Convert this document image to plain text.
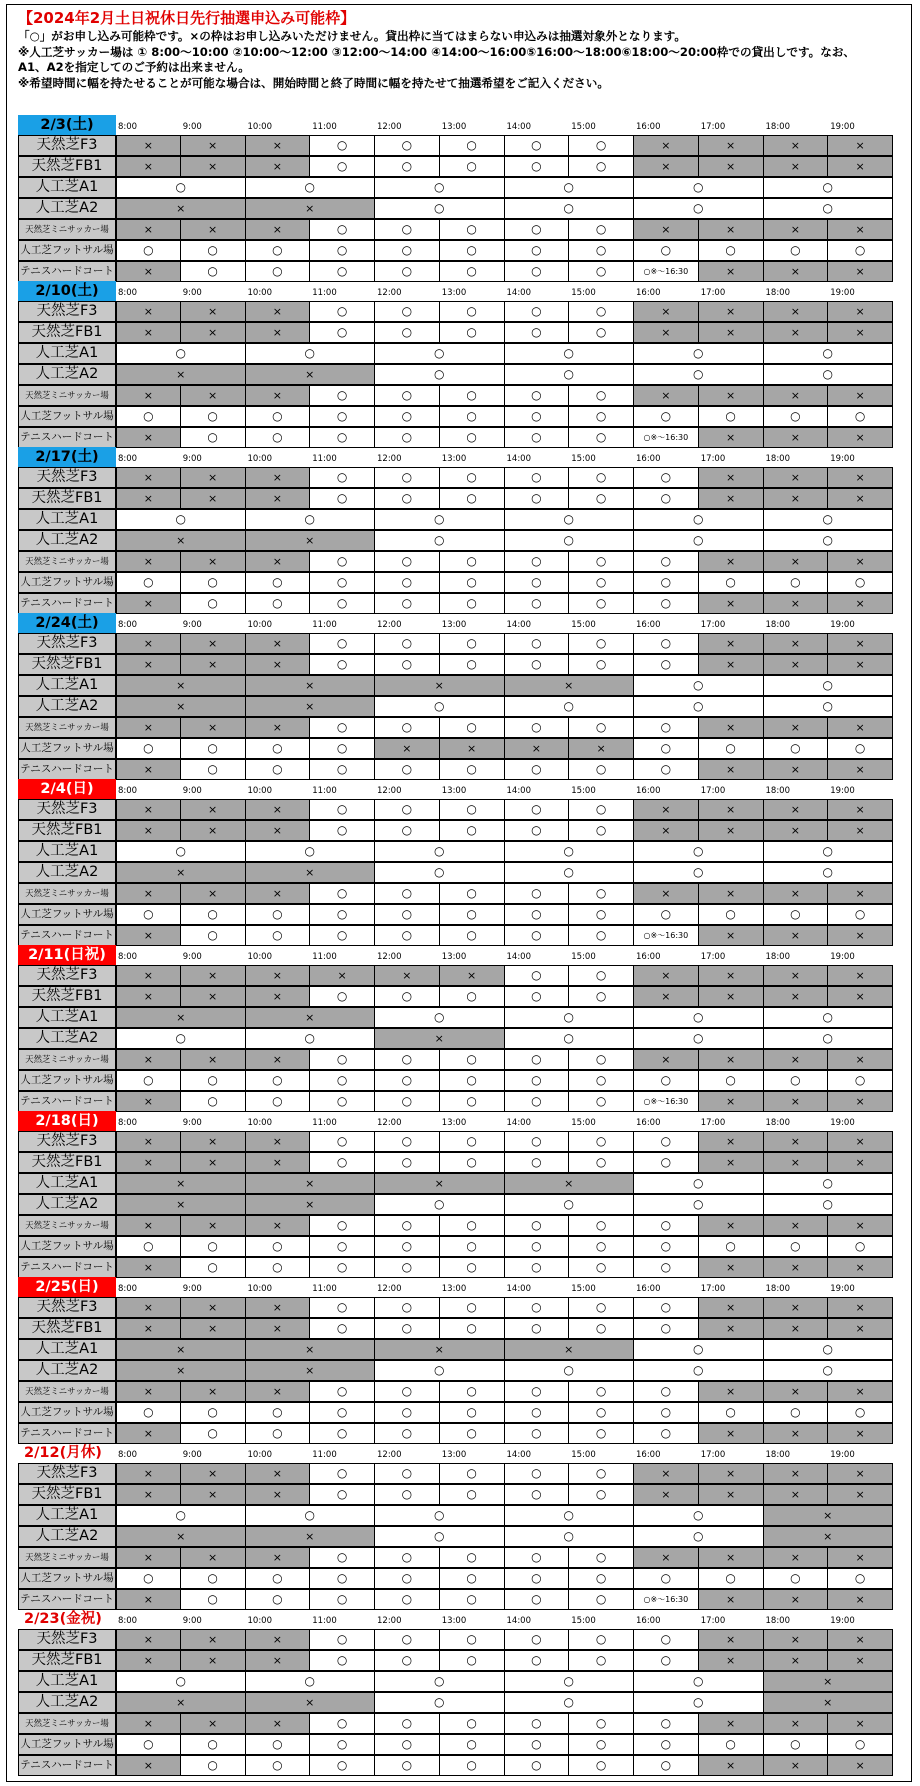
【2024年2月土日祝休日先行抽選申込み可能枠】
「○」がお申し込み可能枠です。×の枠はお申し込みいただけません。貸出枠に当てはまらない申込みは抽選対象外となります。
※人工芝サッカー場は ① 8:00～10:00 ②10:00～12:00 ③12:00～14:00 ④14:00～16:00⑤16:00～18:00⑥18:00～20:00枠での貸出しです。なお、
A1、A2を指定してのご予約は出来ません。
※希望時間に幅を持たせることが可能な場合は、開始時間と終了時間に幅を持たせて抽選希望をご記入ください。
2/3(土)	8:00	9:00	10:00	11:00	12:00	13:00	14:00	15:00	16:00	17:00	18:00	19:00
天然芝F3	×	×	×	○	○	○	○	○	×	×	×	×
天然芝FB1	×	×	×	○	○	○	○	○	×	×	×	×
人工芝A1	○	○	○	○	○	○
人工芝A2	×	×	○	○	○	○
天然芝ミニサッカー場	×	×	×	○	○	○	○	○	×	×	×	×
人工芝フットサル場	○	○	○	○	○	○	○	○	○	○	○	○
テニスハードコート	×	○	○	○	○	○	○	○	○※～16:30	×	×	×
2/10(土)	8:00	9:00	10:00	11:00	12:00	13:00	14:00	15:00	16:00	17:00	18:00	19:00
天然芝F3	×	×	×	○	○	○	○	○	×	×	×	×
天然芝FB1	×	×	×	○	○	○	○	○	×	×	×	×
人工芝A1	○	○	○	○	○	○
人工芝A2	×	×	○	○	○	○
天然芝ミニサッカー場	×	×	×	○	○	○	○	○	×	×	×	×
人工芝フットサル場	○	○	○	○	○	○	○	○	○	○	○	○
テニスハードコート	×	○	○	○	○	○	○	○	○※～16:30	×	×	×
2/17(土)	8:00	9:00	10:00	11:00	12:00	13:00	14:00	15:00	16:00	17:00	18:00	19:00
天然芝F3	×	×	×	○	○	○	○	○	○	×	×	×
天然芝FB1	×	×	×	○	○	○	○	○	○	×	×	×
人工芝A1	○	○	○	○	○	○
人工芝A2	×	×	○	○	○	○
天然芝ミニサッカー場	×	×	×	○	○	○	○	○	○	×	×	×
人工芝フットサル場	○	○	○	○	○	○	○	○	○	○	○	○
テニスハードコート	×	○	○	○	○	○	○	○	○	×	×	×
2/24(土)	8:00	9:00	10:00	11:00	12:00	13:00	14:00	15:00	16:00	17:00	18:00	19:00
天然芝F3	×	×	×	○	○	○	○	○	○	×	×	×
天然芝FB1	×	×	×	○	○	○	○	○	○	×	×	×
人工芝A1	×	×	×	×	○	○
人工芝A2	×	×	○	○	○	○
天然芝ミニサッカー場	×	×	×	○	○	○	○	○	○	×	×	×
人工芝フットサル場	○	○	○	○	×	×	×	×	○	○	○	○
テニスハードコート	×	○	○	○	○	○	○	○	○	×	×	×
2/4(日)	8:00	9:00	10:00	11:00	12:00	13:00	14:00	15:00	16:00	17:00	18:00	19:00
天然芝F3	×	×	×	○	○	○	○	○	×	×	×	×
天然芝FB1	×	×	×	○	○	○	○	○	×	×	×	×
人工芝A1	○	○	○	○	○	○
人工芝A2	×	×	○	○	○	○
天然芝ミニサッカー場	×	×	×	○	○	○	○	○	×	×	×	×
人工芝フットサル場	○	○	○	○	○	○	○	○	○	○	○	○
テニスハードコート	×	○	○	○	○	○	○	○	○※～16:30	×	×	×
2/11(日祝)	8:00	9:00	10:00	11:00	12:00	13:00	14:00	15:00	16:00	17:00	18:00	19:00
天然芝F3	×	×	×	×	×	×	○	○	×	×	×	×
天然芝FB1	×	×	×	○	○	○	○	○	×	×	×	×
人工芝A1	×	×	○	○	○	○
人工芝A2	○	○	×	○	○	○
天然芝ミニサッカー場	×	×	×	○	○	○	○	○	×	×	×	×
人工芝フットサル場	○	○	○	○	○	○	○	○	○	○	○	○
テニスハードコート	×	○	○	○	○	○	○	○	○※～16:30	×	×	×
2/18(日)	8:00	9:00	10:00	11:00	12:00	13:00	14:00	15:00	16:00	17:00	18:00	19:00
天然芝F3	×	×	×	○	○	○	○	○	○	×	×	×
天然芝FB1	×	×	×	○	○	○	○	○	○	×	×	×
人工芝A1	×	×	×	×	○	○
人工芝A2	×	×	○	○	○	○
天然芝ミニサッカー場	×	×	×	○	○	○	○	○	○	×	×	×
人工芝フットサル場	○	○	○	○	○	○	○	○	○	○	○	○
テニスハードコート	×	○	○	○	○	○	○	○	○	×	×	×
2/25(日)	8:00	9:00	10:00	11:00	12:00	13:00	14:00	15:00	16:00	17:00	18:00	19:00
天然芝F3	×	×	×	○	○	○	○	○	○	×	×	×
天然芝FB1	×	×	×	○	○	○	○	○	○	×	×	×
人工芝A1	×	×	×	×	○	○
人工芝A2	×	×	○	○	○	○
天然芝ミニサッカー場	×	×	×	○	○	○	○	○	○	×	×	×
人工芝フットサル場	○	○	○	○	○	○	○	○	○	○	○	○
テニスハードコート	×	○	○	○	○	○	○	○	○	×	×	×
2/12(月休)	8:00	9:00	10:00	11:00	12:00	13:00	14:00	15:00	16:00	17:00	18:00	19:00
天然芝F3	×	×	×	○	○	○	○	○	×	×	×	×
天然芝FB1	×	×	×	○	○	○	○	○	×	×	×	×
人工芝A1	○	○	○	○	○	×
人工芝A2	×	×	○	○	○	×
天然芝ミニサッカー場	×	×	×	○	○	○	○	○	×	×	×	×
人工芝フットサル場	○	○	○	○	○	○	○	○	○	○	○	○
テニスハードコート	×	○	○	○	○	○	○	○	○※～16:30	×	×	×
2/23(金祝)	8:00	9:00	10:00	11:00	12:00	13:00	14:00	15:00	16:00	17:00	18:00	19:00
天然芝F3	×	×	×	○	○	○	○	○	○	×	×	×
天然芝FB1	×	×	×	○	○	○	○	○	○	×	×	×
人工芝A1	○	○	○	○	○	×
人工芝A2	×	×	○	○	○	×
天然芝ミニサッカー場	×	×	×	○	○	○	○	○	○	×	×	×
人工芝フットサル場	○	○	○	○	○	○	○	○	○	○	○	○
テニスハードコート	×	○	○	○	○	○	○	○	○	×	×	×
